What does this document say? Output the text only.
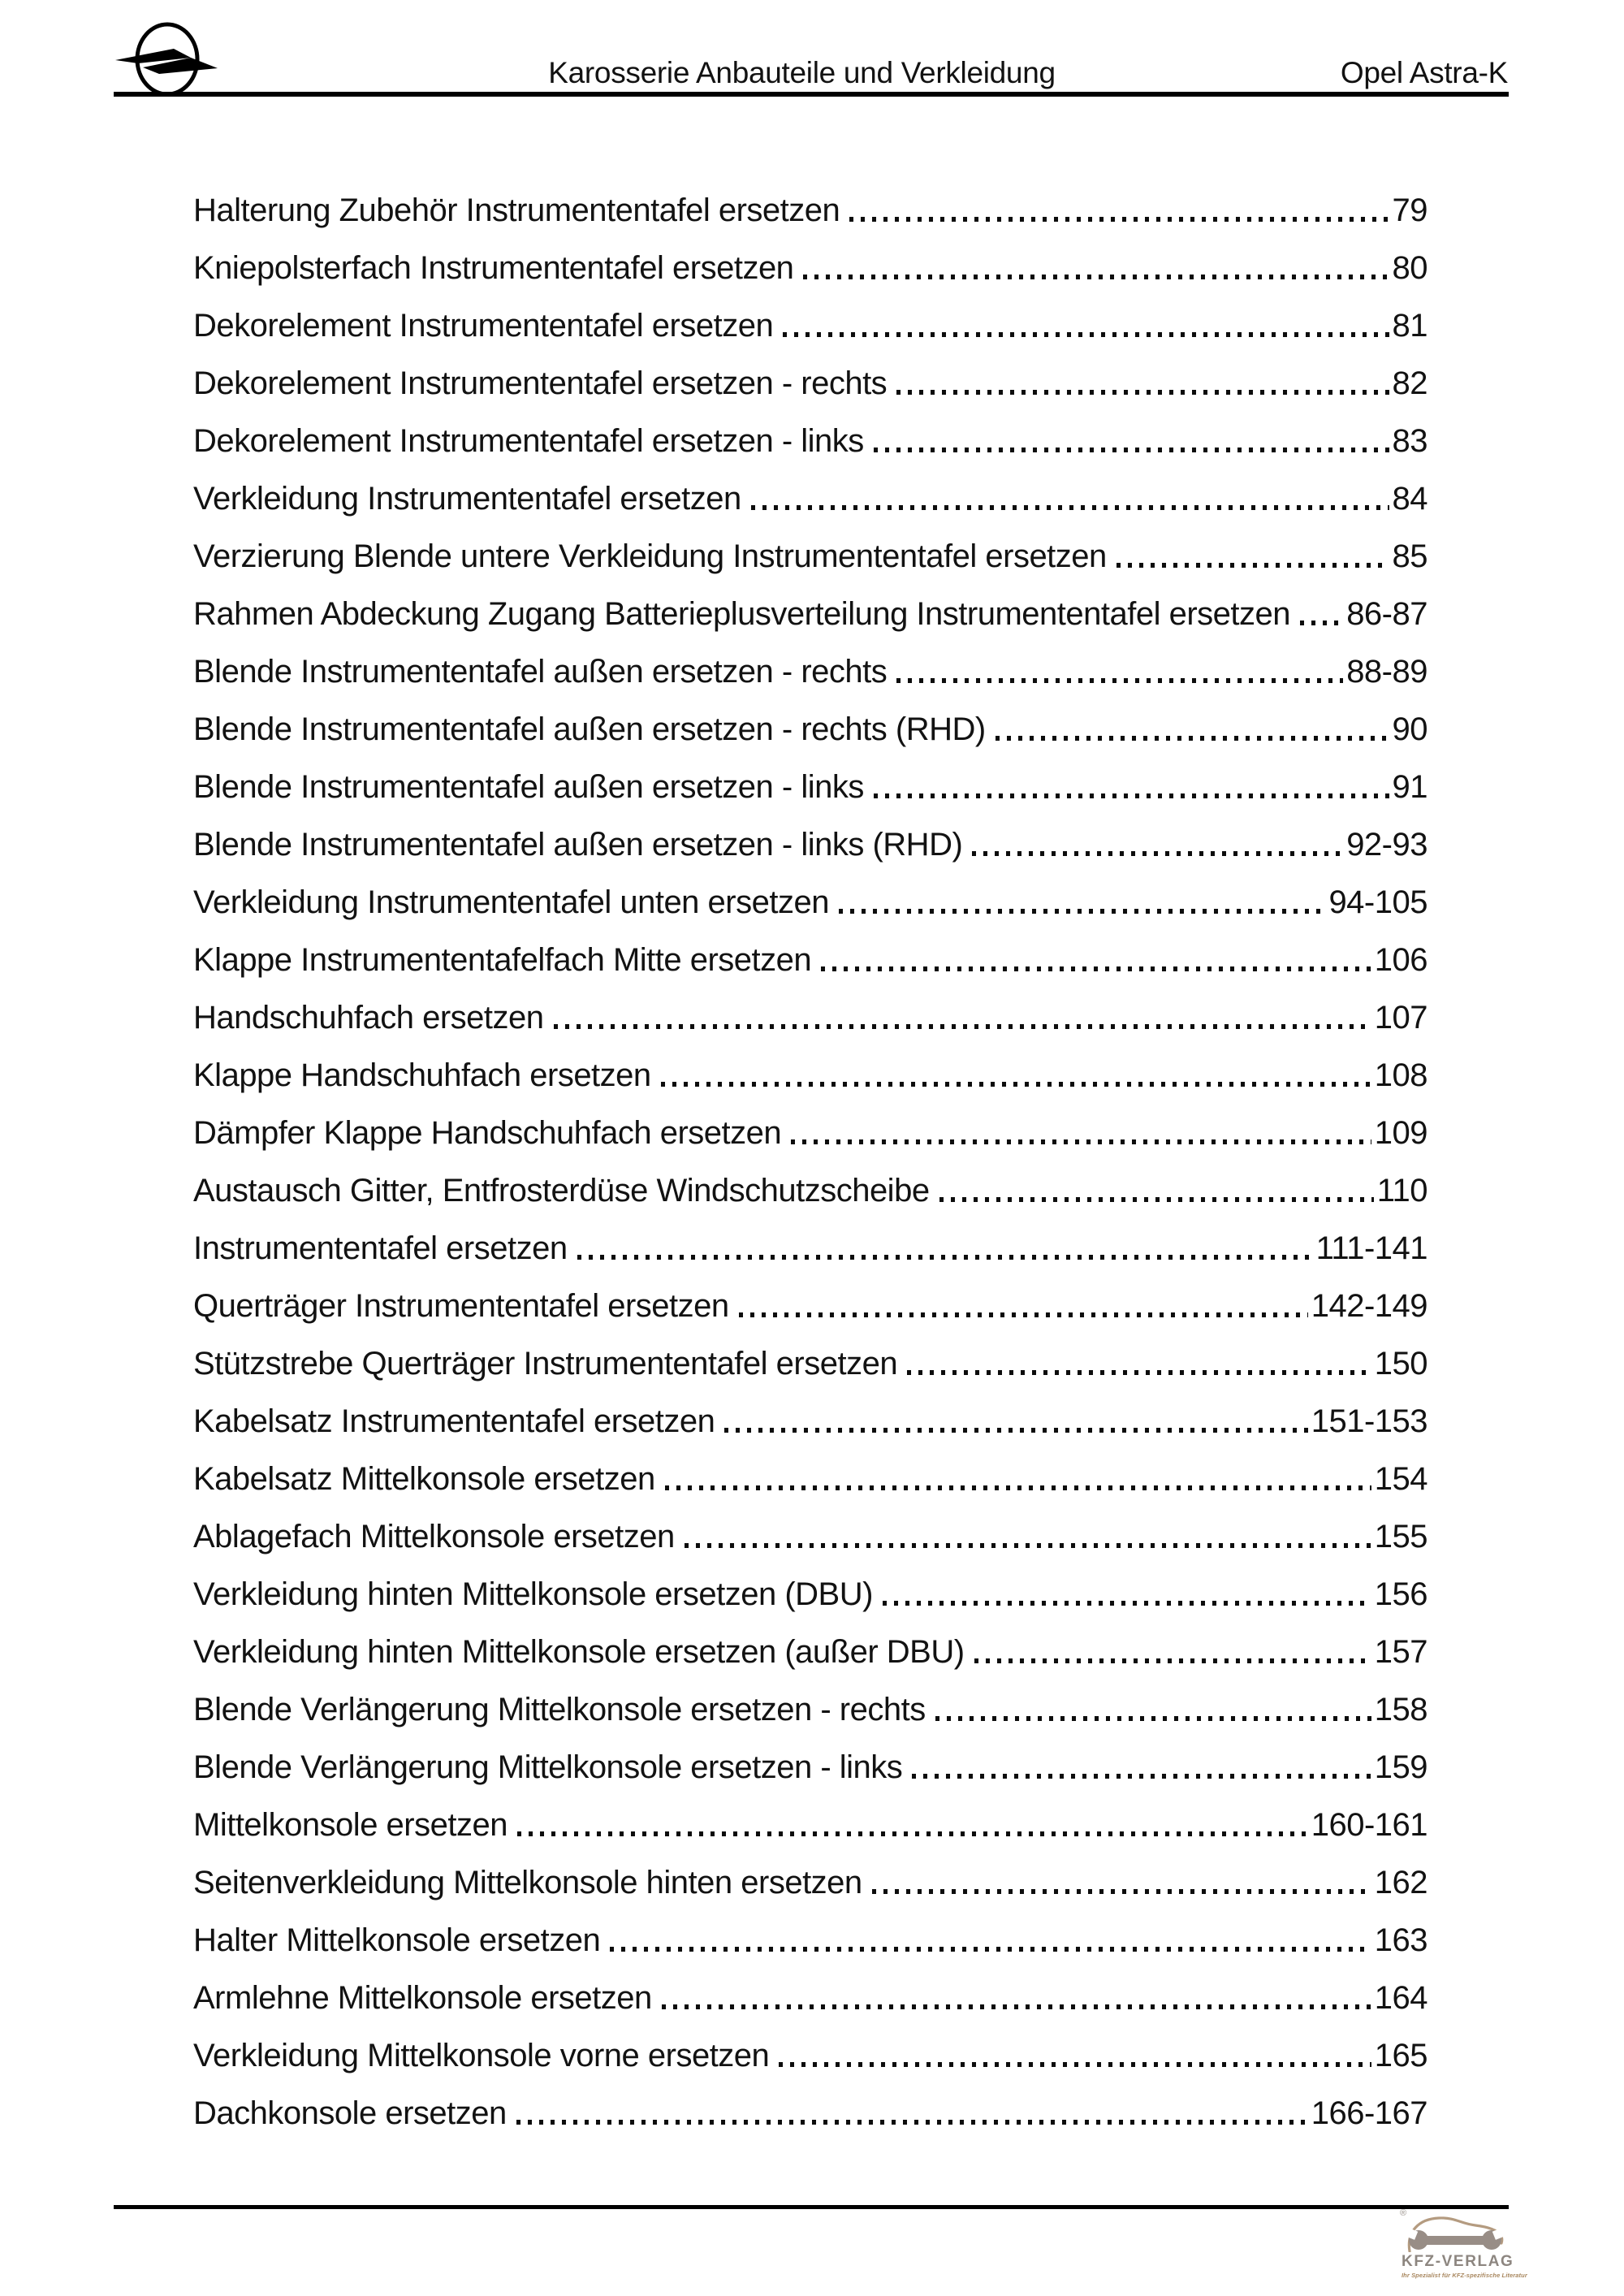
Karosserie Anbauteile und Verkleidung	Opel Astra-K
Halterung Zubehör Instrumententafel ersetzen	79
Kniepolsterfach Instrumententafel ersetzen	80
Dekorelement Instrumententafel ersetzen	81
Dekorelement Instrumententafel ersetzen - rechts	82
Dekorelement Instrumententafel ersetzen - links	83
Verkleidung Instrumententafel ersetzen	84
Verzierung Blende untere Verkleidung Instrumententafel ersetzen	85
Rahmen Abdeckung Zugang Batterieplusverteilung Instrumententafel ersetzen 86-87
Blende Instrumententafel außen ersetzen - rechts	88-89
Blende Instrumententafel außen ersetzen - rechts (RHD)	90
Blende Instrumententafel außen ersetzen - links	91
Blende Instrumententafel außen ersetzen - links (RHD)	92-93
Verkleidung Instrumententafel unten ersetzen	94-105
Klappe Instrumententafelfach Mitte ersetzen	106
Handschuhfach ersetzen	107
Klappe Handschuhfach ersetzen	108
Dämpfer Klappe Handschuhfach ersetzen	109
Austausch Gitter, Entfrosterdüse Windschutzscheibe	110
Instrumententafel ersetzen	111-141
Querträger Instrumententafel ersetzen	142-149
Stützstrebe Querträger Instrumententafel ersetzen	150
Kabelsatz Instrumententafel ersetzen	151-153
Kabelsatz Mittelkonsole ersetzen	154
Ablagefach Mittelkonsole ersetzen	155
Verkleidung hinten Mittelkonsole ersetzen (DBU)	156
Verkleidung hinten Mittelkonsole ersetzen (außer DBU)	157
Blende Verlängerung Mittelkonsole ersetzen - rechts	158
Blende Verlängerung Mittelkonsole ersetzen - links	159
Mittelkonsole ersetzen	160-161
Seitenverkleidung Mittelkonsole hinten ersetzen	162
Halter Mittelkonsole ersetzen	163
Armlehne Mittelkonsole ersetzen	164
Verkleidung Mittelkonsole vorne ersetzen	165
Dachkonsole ersetzen	166-167
®
KFZ-VERLAG
Ihr Spezialist für KFZ-spezifische Literatur
